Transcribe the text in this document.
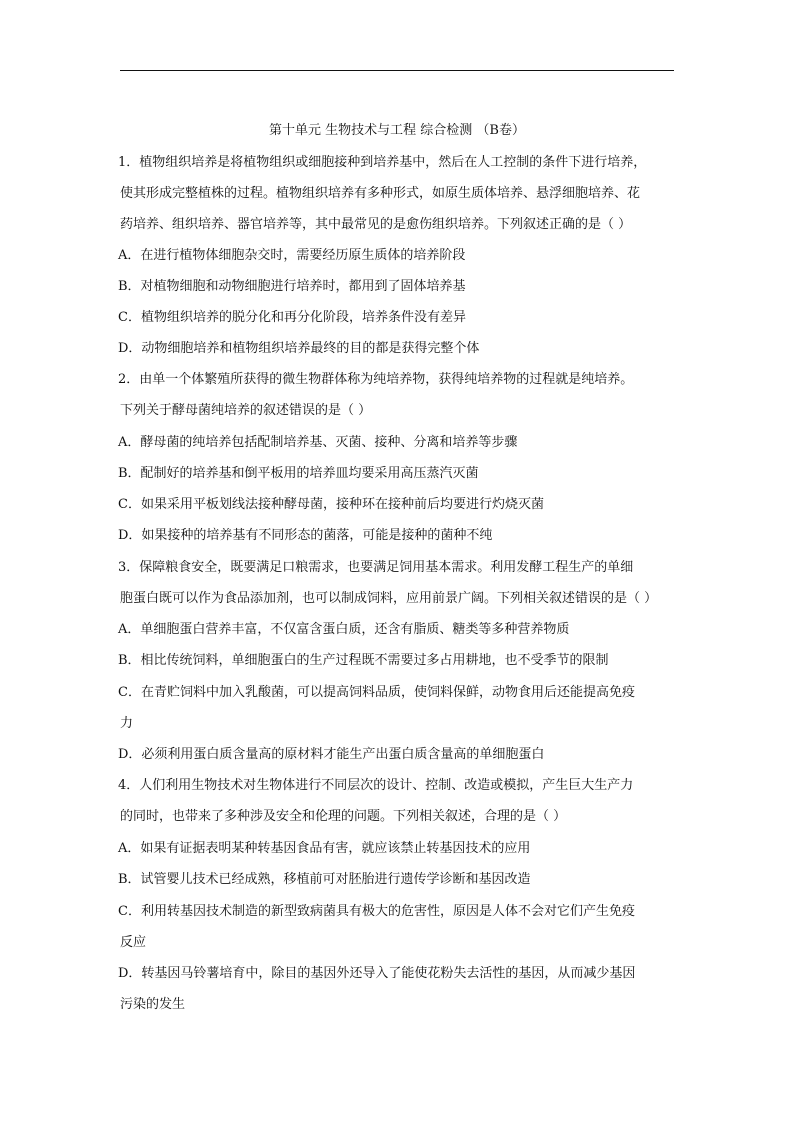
第十单元 生物技术与工程 综合检测 （B卷）
1．植物组织培养是将植物组织或细胞接种到培养基中，然后在人工控制的条件下进行培养，
使其形成完整植株的过程。植物组织培养有多种形式，如原生质体培养、悬浮细胞培养、花
药培养、组织培养、器官培养等，其中最常见的是愈伤组织培养。下列叙述正确的是（ ）
A．在进行植物体细胞杂交时，需要经历原生质体的培养阶段
B．对植物细胞和动物细胞进行培养时，都用到了固体培养基
C．植物组织培养的脱分化和再分化阶段，培养条件没有差异
D．动物细胞培养和植物组织培养最终的目的都是获得完整个体
2．由单一个体繁殖所获得的微生物群体称为纯培养物，获得纯培养物的过程就是纯培养。
下列关于酵母菌纯培养的叙述错误的是（ ）
A．酵母菌的纯培养包括配制培养基、灭菌、接种、分离和培养等步骤
B．配制好的培养基和倒平板用的培养皿均要采用高压蒸汽灭菌
C．如果采用平板划线法接种酵母菌，接种环在接种前后均要进行灼烧灭菌
D．如果接种的培养基有不同形态的菌落，可能是接种的菌种不纯
3．保障粮食安全，既要满足口粮需求，也要满足饲用基本需求。利用发酵工程生产的单细
胞蛋白既可以作为食品添加剂，也可以制成饲料，应用前景广阔。下列相关叙述错误的是（ ）
A．单细胞蛋白营养丰富，不仅富含蛋白质，还含有脂质、糖类等多种营养物质
B．相比传统饲料，单细胞蛋白的生产过程既不需要过多占用耕地，也不受季节的限制
C．在青贮饲料中加入乳酸菌，可以提高饲料品质，使饲料保鲜，动物食用后还能提高免疫
力
D．必须利用蛋白质含量高的原材料才能生产出蛋白质含量高的单细胞蛋白
4．人们利用生物技术对生物体进行不同层次的设计、控制、改造或模拟，产生巨大生产力
的同时，也带来了多种涉及安全和伦理的问题。下列相关叙述，合理的是（ ）
A．如果有证据表明某种转基因食品有害，就应该禁止转基因技术的应用
B．试管婴儿技术已经成熟，移植前可对胚胎进行遗传学诊断和基因改造
C．利用转基因技术制造的新型致病菌具有极大的危害性，原因是人体不会对它们产生免疫
反应
D．转基因马铃薯培育中，除目的基因外还导入了能使花粉失去活性的基因，从而减少基因
污染的发生
